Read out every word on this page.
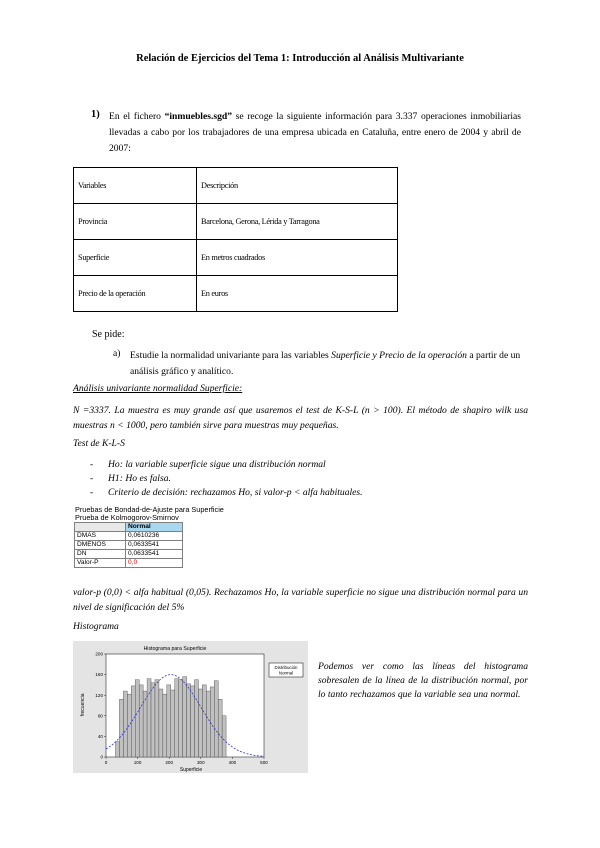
Relación de Ejercicios del Tema 1: Introducción al Análisis Multivariante
1) En el fichero “inmuebles.sgd” se recoge la siguiente información para 3.337 operaciones inmobiliarias llevadas a cabo por los trabajadores de una empresa ubicada en Cataluña, entre enero de 2004 y abril de 2007:
Variables	Descripción
Provincia	Barcelona, Gerona, Lérida y Tarragona
Superficie	En metros cuadrados
Precio de la operación	En euros
Se pide:
a) Estudie la normalidad univariante para las variables Superficie y Precio de la operación a partir de un análisis gráfico y analítico.
Análisis univariante normalidad Superficie:
N =3337. La muestra es muy grande así que usaremos el test de K-S-L (n > 100). El método de shapiro wilk usa muestras n < 1000, pero también sirve para muestras muy pequeñas.
Test de K-L-S
- Ho: la variable superficie sigue una distribución normal
- H1: Ho es falsa.
- Criterio de decisión: rechazamos Ho, si valor-p < alfa habituales.
Pruebas de Bondad-de-Ajuste para Superficie
Prueba de Kolmogorov-Smirnov
	Normal
DMAS	0,0610236
DMENOS	0,0633541
DN	0,0633541
Valor-P	0,0
valor-p (0,0) < alfa habitual (0,05). Rechazamos Ho, la variable superficie no sigue una distribución normal para un nivel de significación del 5%
Histograma
Histograma para Superficie
0
40
80
120
160
200
0	100	200	300	400	500
Superficie
frecuencia
Distribución
Normal
Podemos ver como las líneas del histograma sobresalen de la línea de la distribución normal, por lo tanto rechazamos que la variable sea una normal.
